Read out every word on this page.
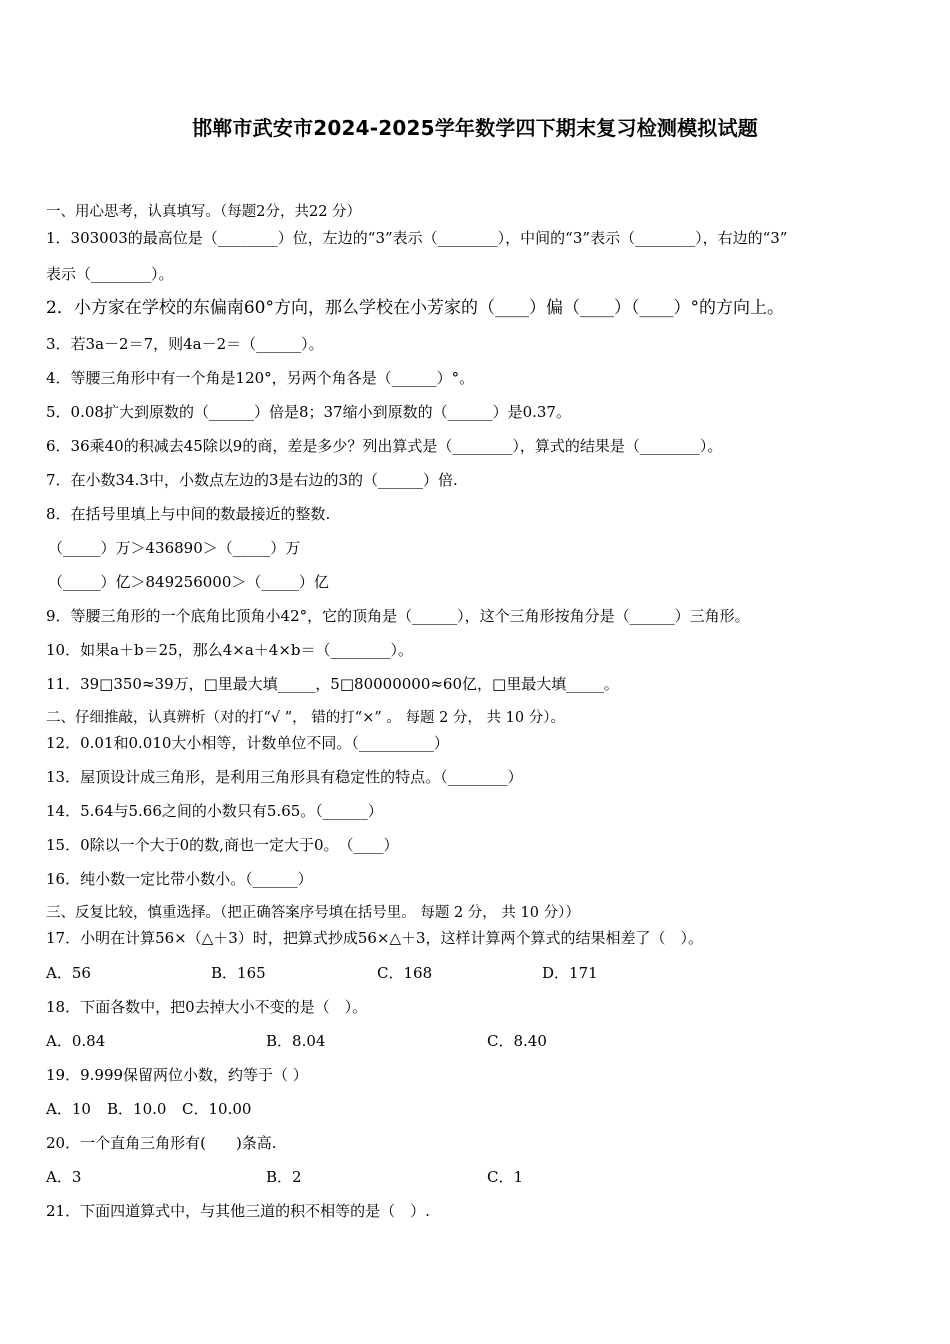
邯郸市武安市2024-2025学年数学四下期末复习检测模拟试题
一、用心思考，认真填写。（每题2分，共22 分）
1．303003的最高位是（________）位，左边的“3”表示（________），中间的“3”表示（________），右边的“3”
表示（________）。
2．小方家在学校的东偏南60°方向，那么学校在小芳家的（____）偏（____）（____）°的方向上。
3．若3a－2＝7，则4a－2＝（______）。
4．等腰三角形中有一个角是120°，另两个角各是（______）°。
5．0.08扩大到原数的（______）倍是8；37缩小到原数的（______）是0.37。
6．36乘40的积减去45除以9的商，差是多少？列出算式是（________），算式的结果是（________）。
7．在小数34.3中，小数点左边的3是右边的3的（______）倍.
8．在括号里填上与中间的数最接近的整数.
（_____）万＞436890＞（_____）万
（_____）亿＞849256000＞（_____）亿
9．等腰三角形的一个底角比顶角小42°，它的顶角是（______），这个三角形按角分是（______）三角形。
10．如果a＋b＝25，那么4×a＋4×b＝（________）。
11．39□350≈39万，□里最大填_____，5□80000000≈60亿，□里最大填_____。
二、仔细推敲，认真辨析（对的打“√ ”， 错的打“×” 。 每题 2 分， 共 10 分）。
12．0.01和0.010大小相等，计数单位不同。（__________）
13．屋顶设计成三角形，是利用三角形具有稳定性的特点。（________）
14．5.64与5.66之间的小数只有5.65。（______）
15．0除以一个大于0的数,商也一定大于0。　（____）
16．纯小数一定比带小数小。（______）
三、反复比较，慎重选择。（把正确答案序号填在括号里。 每题 2 分， 共 10 分））
17．小明在计算56×（△＋3）时，把算式抄成56×△＋3，这样计算两个算式的结果相差了（　）。
A．56	B．165	C．168	D．171
18．下面各数中，把0去掉大小不变的是（　）。
A．0.84	B．8.04	C．8.40
19．9.999保留两位小数，约等于（ ）
A．10 B．10.0 C．10.00
20．一个直角三角形有(　　)条高.
A．3	B．2	C．1
21．下面四道算式中，与其他三道的积不相等的是（　）.
